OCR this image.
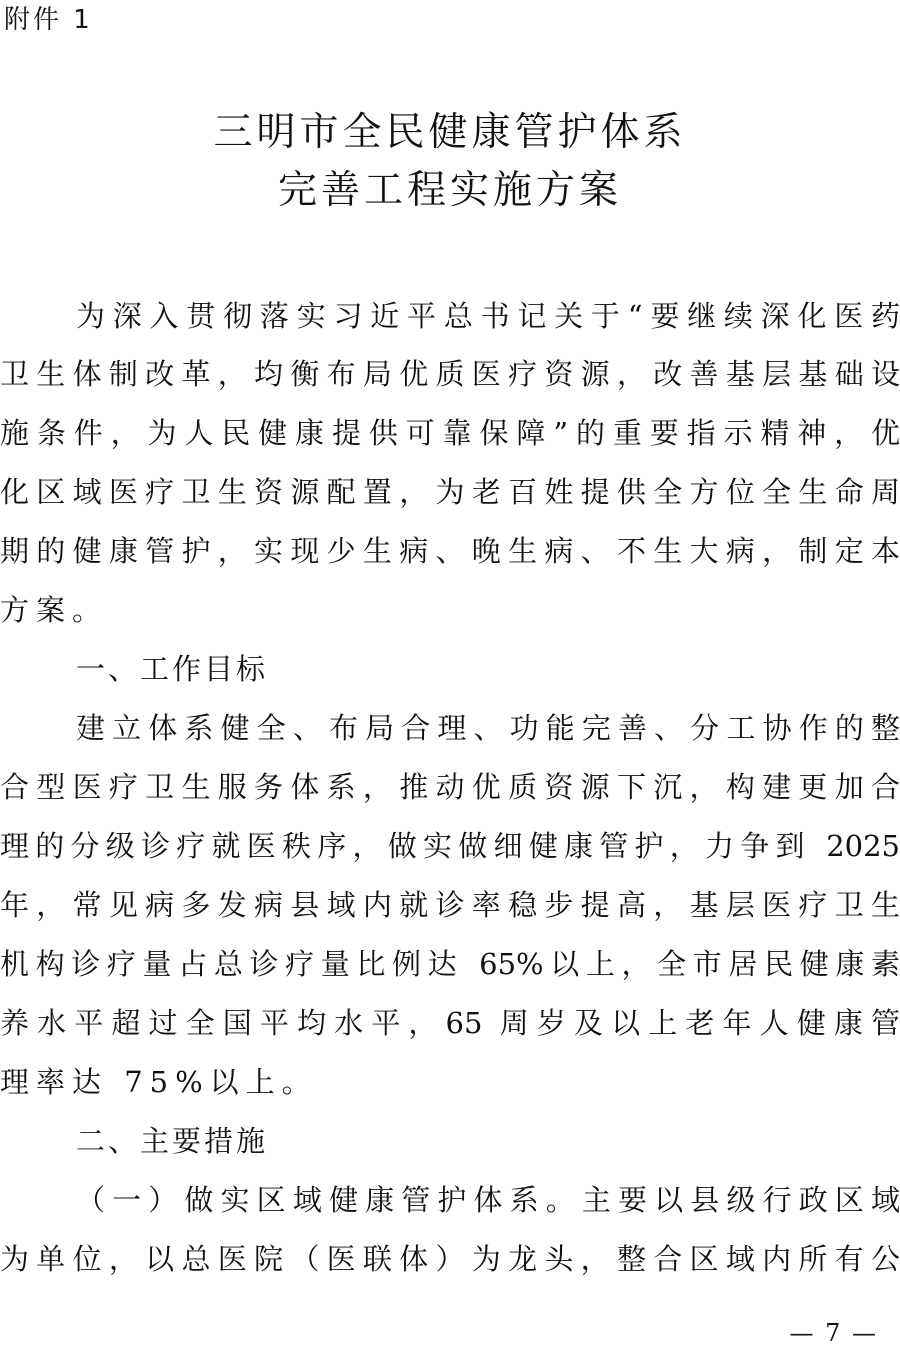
附件 1
三明市全民健康管护体系
完善工程实施方案
为深入贯彻落实习近平总书记关于“要继续深化医药
卫生体制改革，均衡布局优质医疗资源，改善基层基础设
施条件，为人民健康提供可靠保障”的重要指示精神，优
化区域医疗卫生资源配置，为老百姓提供全方位全生命周
期的健康管护，实现少生病、晚生病、不生大病，制定本
方案。
一、工作目标
建立体系健全、布局合理、功能完善、分工协作的整
合型医疗卫生服务体系，推动优质资源下沉，构建更加合
理的分级诊疗就医秩序，做实做细健康管护，力争到 2025
年，常见病多发病县域内就诊率稳步提高，基层医疗卫生
机构诊疗量占总诊疗量比例达 65%以上，全市居民健康素
养水平超过全国平均水平，65 周岁及以上老年人健康管
理率达 75%以上。
二、主要措施
（一）做实区域健康管护体系。主要以县级行政区域
为单位，以总医院（医联体）为龙头，整合区域内所有公
— 7 —
